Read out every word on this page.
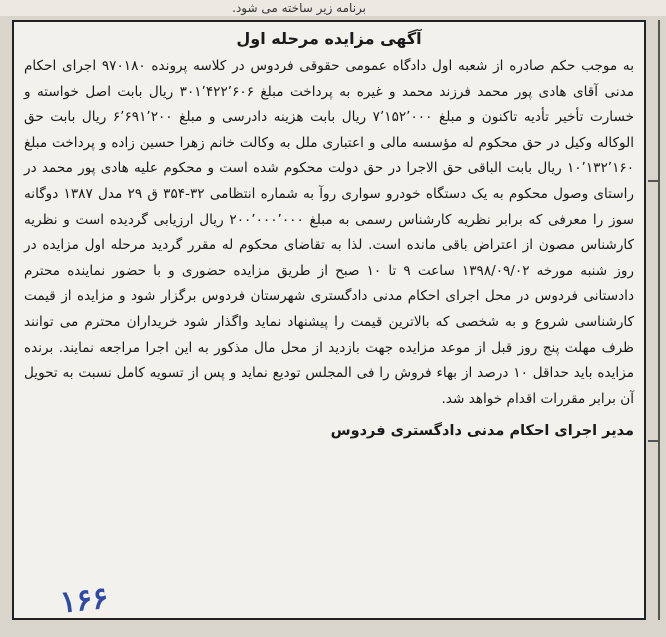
برنامه زیر ساخته می شود.
آگهی مزایده مرحله اول

به موجب حکم صادره از شعبه اول دادگاه عمومی حقوقی فردوس در کلاسه پرونده ۹۷۰۱۸۰ اجرای احکام مدنی آقای هادی پور محمد فرزند محمد و غیره به پرداخت مبلغ ۳۰۱٬۴۲۲٬۶۰۶ ریال بابت اصل خواسته و خسارت تأخیر تأدیه تاکنون و مبلغ ۷٬۱۵۲٬۰۰۰ ریال بابت هزینه دادرسی و مبلغ ۶٬۶۹۱٬۲۰۰ ریال بابت حق الوکاله وکیل در حق محکوم له مؤسسه مالی و اعتباری ملل به وکالت خانم زهرا حسین زاده و پرداخت مبلغ ۱۰٬۱۳۲٬۱۶۰ ریال بابت الباقی حق الاجرا در حق دولت محکوم شده است و محکوم علیه هادی پور محمد در راستای وصول محکوم به یک دستگاه خودرو سواری روآ به شماره انتظامی ۳۲-۳۵۴ ق ۲۹ مدل ۱۳۸۷ دوگانه سوز را معرفی که برابر نظریه کارشناس رسمی به مبلغ ۲۰۰٬۰۰۰٬۰۰۰ ریال ارزیابی گردیده است و نظریه کارشناس مصون از اعتراض باقی مانده است. لذا به تقاضای محکوم له مقرر گردید مرحله اول مزایده در روز شنبه مورخه ۱۳۹۸/۰۹/۰۲ ساعت ۹ تا ۱۰ صبح از طریق مزایده حضوری و با حضور نماینده محترم دادستانی فردوس در محل اجرای احکام مدنی دادگستری شهرستان فردوس برگزار شود و مزایده از قیمت کارشناسی شروع و به شخصی که بالاترین قیمت را پیشنهاد نماید واگذار شود خریداران محترم می توانند ظرف مهلت پنج روز قبل از موعد مزایده جهت بازدید از محل مال مذکور به این اجرا مراجعه نمایند. برنده مزایده باید حداقل ۱۰ درصد از بهاء فروش را فی المجلس تودیع نماید و پس از تسویه کامل نسبت به تحویل آن برابر مقررات اقدام خواهد شد.

مدیر اجرای احکام مدنی دادگستری فردوس
۱۶۶
